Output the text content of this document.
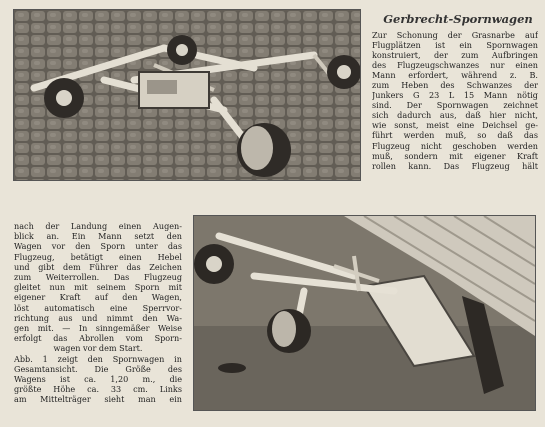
Gerbrecht-Spornwagen
Zur Schonung der Grasnarbe auf
Flugplätzen ist ein Spornwagen
konstruiert, der zum Aufbringen
des Flugzeugschwanzes nur einen
Mann erfordert, während z. B.
zum Heben des Schwanzes der
Junkers G 23 L 15 Mann nötig
sind. Der Spornwagen zeichnet
sich dadurch aus, daß hier nicht,
wie sonst, meist eine Deichsel ge-
führt werden muß, so daß das
Flugzeug nicht geschoben werden
muß, sondern mit eigener Kraft
rollen kann. Das Flugzeug hält
nach der Landung einen Augen-
blick an. Ein Mann setzt den
Wagen vor den Sporn unter das
Flugzeug, betätigt einen Hebel
und gibt dem Führer das Zeichen
zum Weiterrollen. Das Flugzeug
gleitet nun mit seinem Sporn mit
eigener Kraft auf den Wagen,
löst automatisch eine Sperrvor-
richtung aus und nimmt den Wa-
gen mit. — In sinngemäßer Weise
erfolgt das Abrollen vom Sporn-
wagen vor dem Start.
Abb. 1 zeigt den Spornwagen in
Gesamtansicht. Die Größe des
Wagens ist ca. 1,20 m., die
größte Höhe ca. 33 cm. Links
am Mittelträger sieht man ein
